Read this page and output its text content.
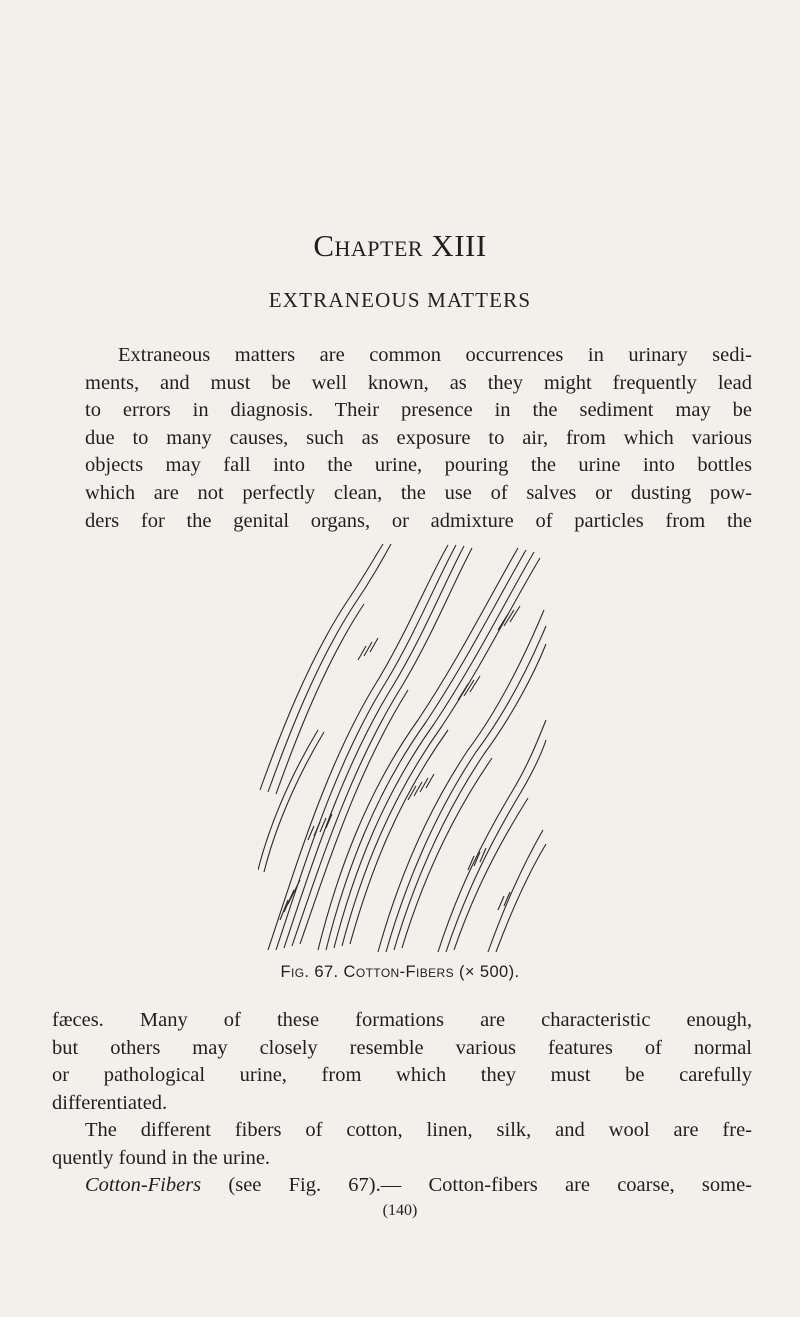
Chapter XIII
EXTRANEOUS MATTERS
Extraneous matters are common occurrences in urinary sedi-
ments, and must be well known, as they might frequently lead
to errors in diagnosis. Their presence in the sediment may be
due to many causes, such as exposure to air, from which various
objects may fall into the urine, pouring the urine into bottles
which are not perfectly clean, the use of salves or dusting pow-
ders for the genital organs, or admixture of particles from the
Fig. 67. Cotton-Fibers (× 500).
fæces. Many of these formations are characteristic enough,
but others may closely resemble various features of normal
or pathological urine, from which they must be carefully
differentiated.
The different fibers of cotton, linen, silk, and wool are fre-
quently found in the urine.
Cotton-Fibers (see Fig. 67).— Cotton-fibers are coarse, some-
(140)
